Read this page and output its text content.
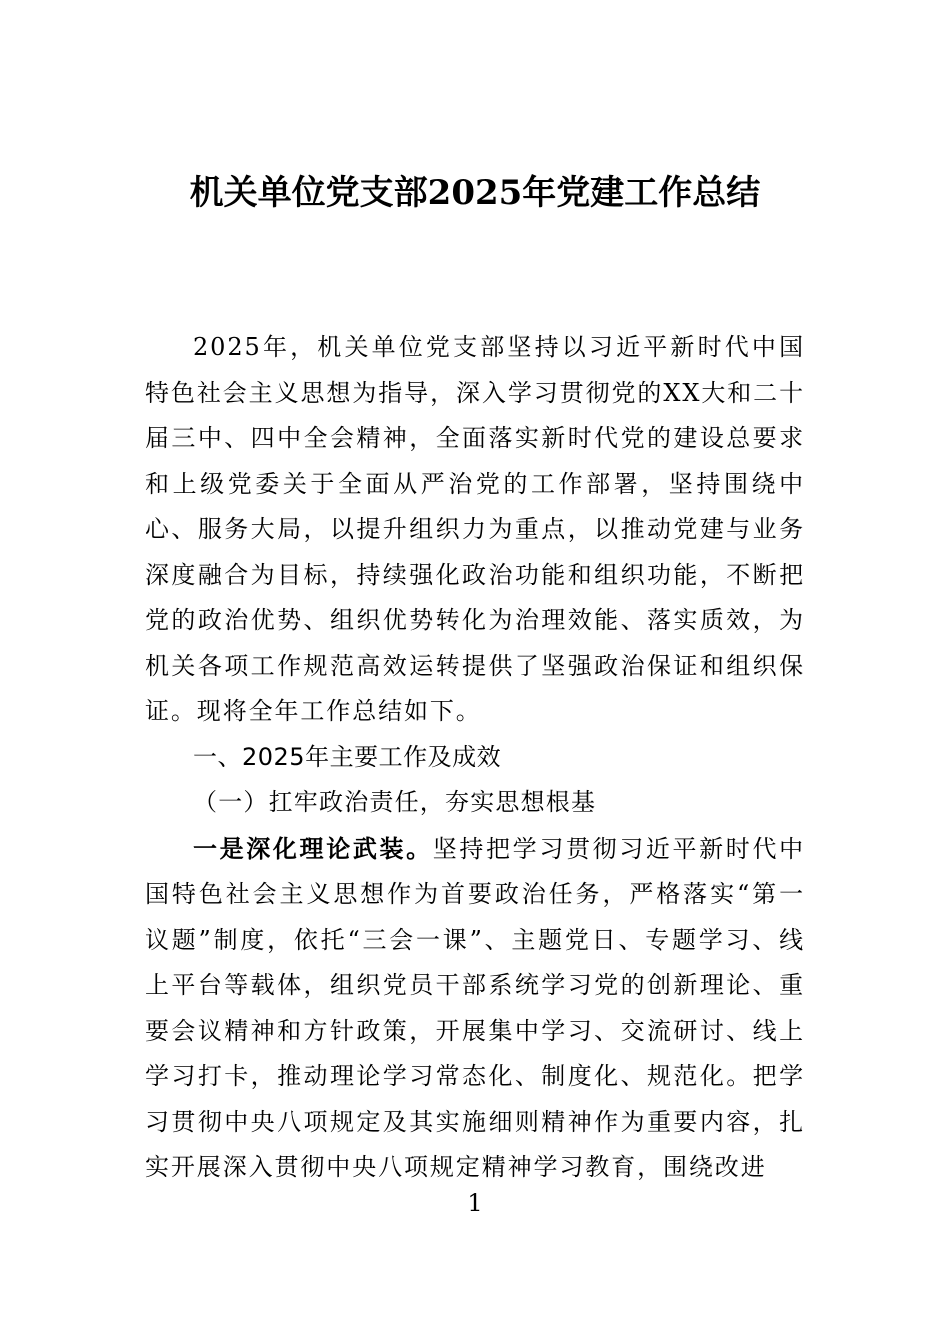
机关单位党支部2025年党建工作总结

2025年，机关单位党支部坚持以习近平新时代中国特色社会主义思想为指导，深入学习贯彻党的XX大和二十届三中、四中全会精神，全面落实新时代党的建设总要求和上级党委关于全面从严治党的工作部署，坚持围绕中心、服务大局，以提升组织力为重点，以推动党建与业务深度融合为目标，持续强化政治功能和组织功能，不断把党的政治优势、组织优势转化为治理效能、落实质效，为机关各项工作规范高效运转提供了坚强政治保证和组织保证。现将全年工作总结如下。

一、2025年主要工作及成效

（一）扛牢政治责任，夯实思想根基

一是深化理论武装。坚持把学习贯彻习近平新时代中国特色社会主义思想作为首要政治任务，严格落实“第一议题”制度，依托“三会一课”、主题党日、专题学习、线上平台等载体，组织党员干部系统学习党的创新理论、重要会议精神和方针政策，开展集中学习、交流研讨、线上学习打卡，推动理论学习常态化、制度化、规范化。把学习贯彻中央八项规定及其实施细则精神作为重要内容，扎实开展深入贯彻中央八项规定精神学习教育，围绕改进

1
